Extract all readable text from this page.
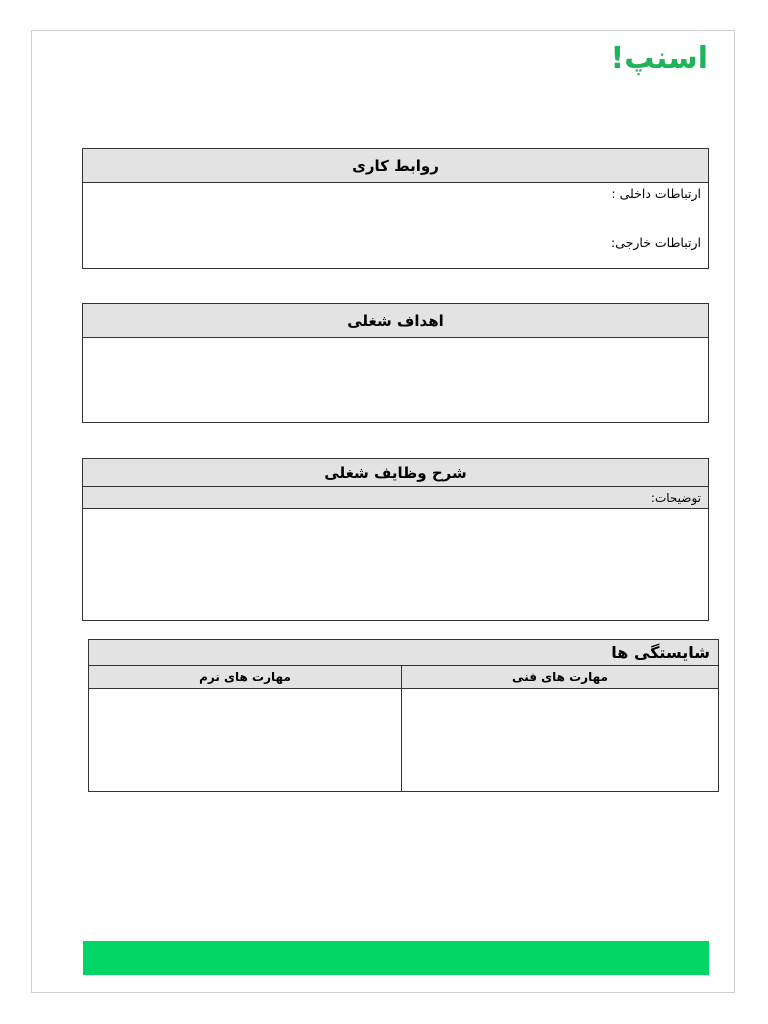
اسنپ!
روابط کاری
ارتباطات داخلی :
ارتباطات خارجی:
اهداف شغلی
شرح وظایف شغلی
توضیحات:
شایستگی ها
مهارت های نرم	مهارت های فنی
